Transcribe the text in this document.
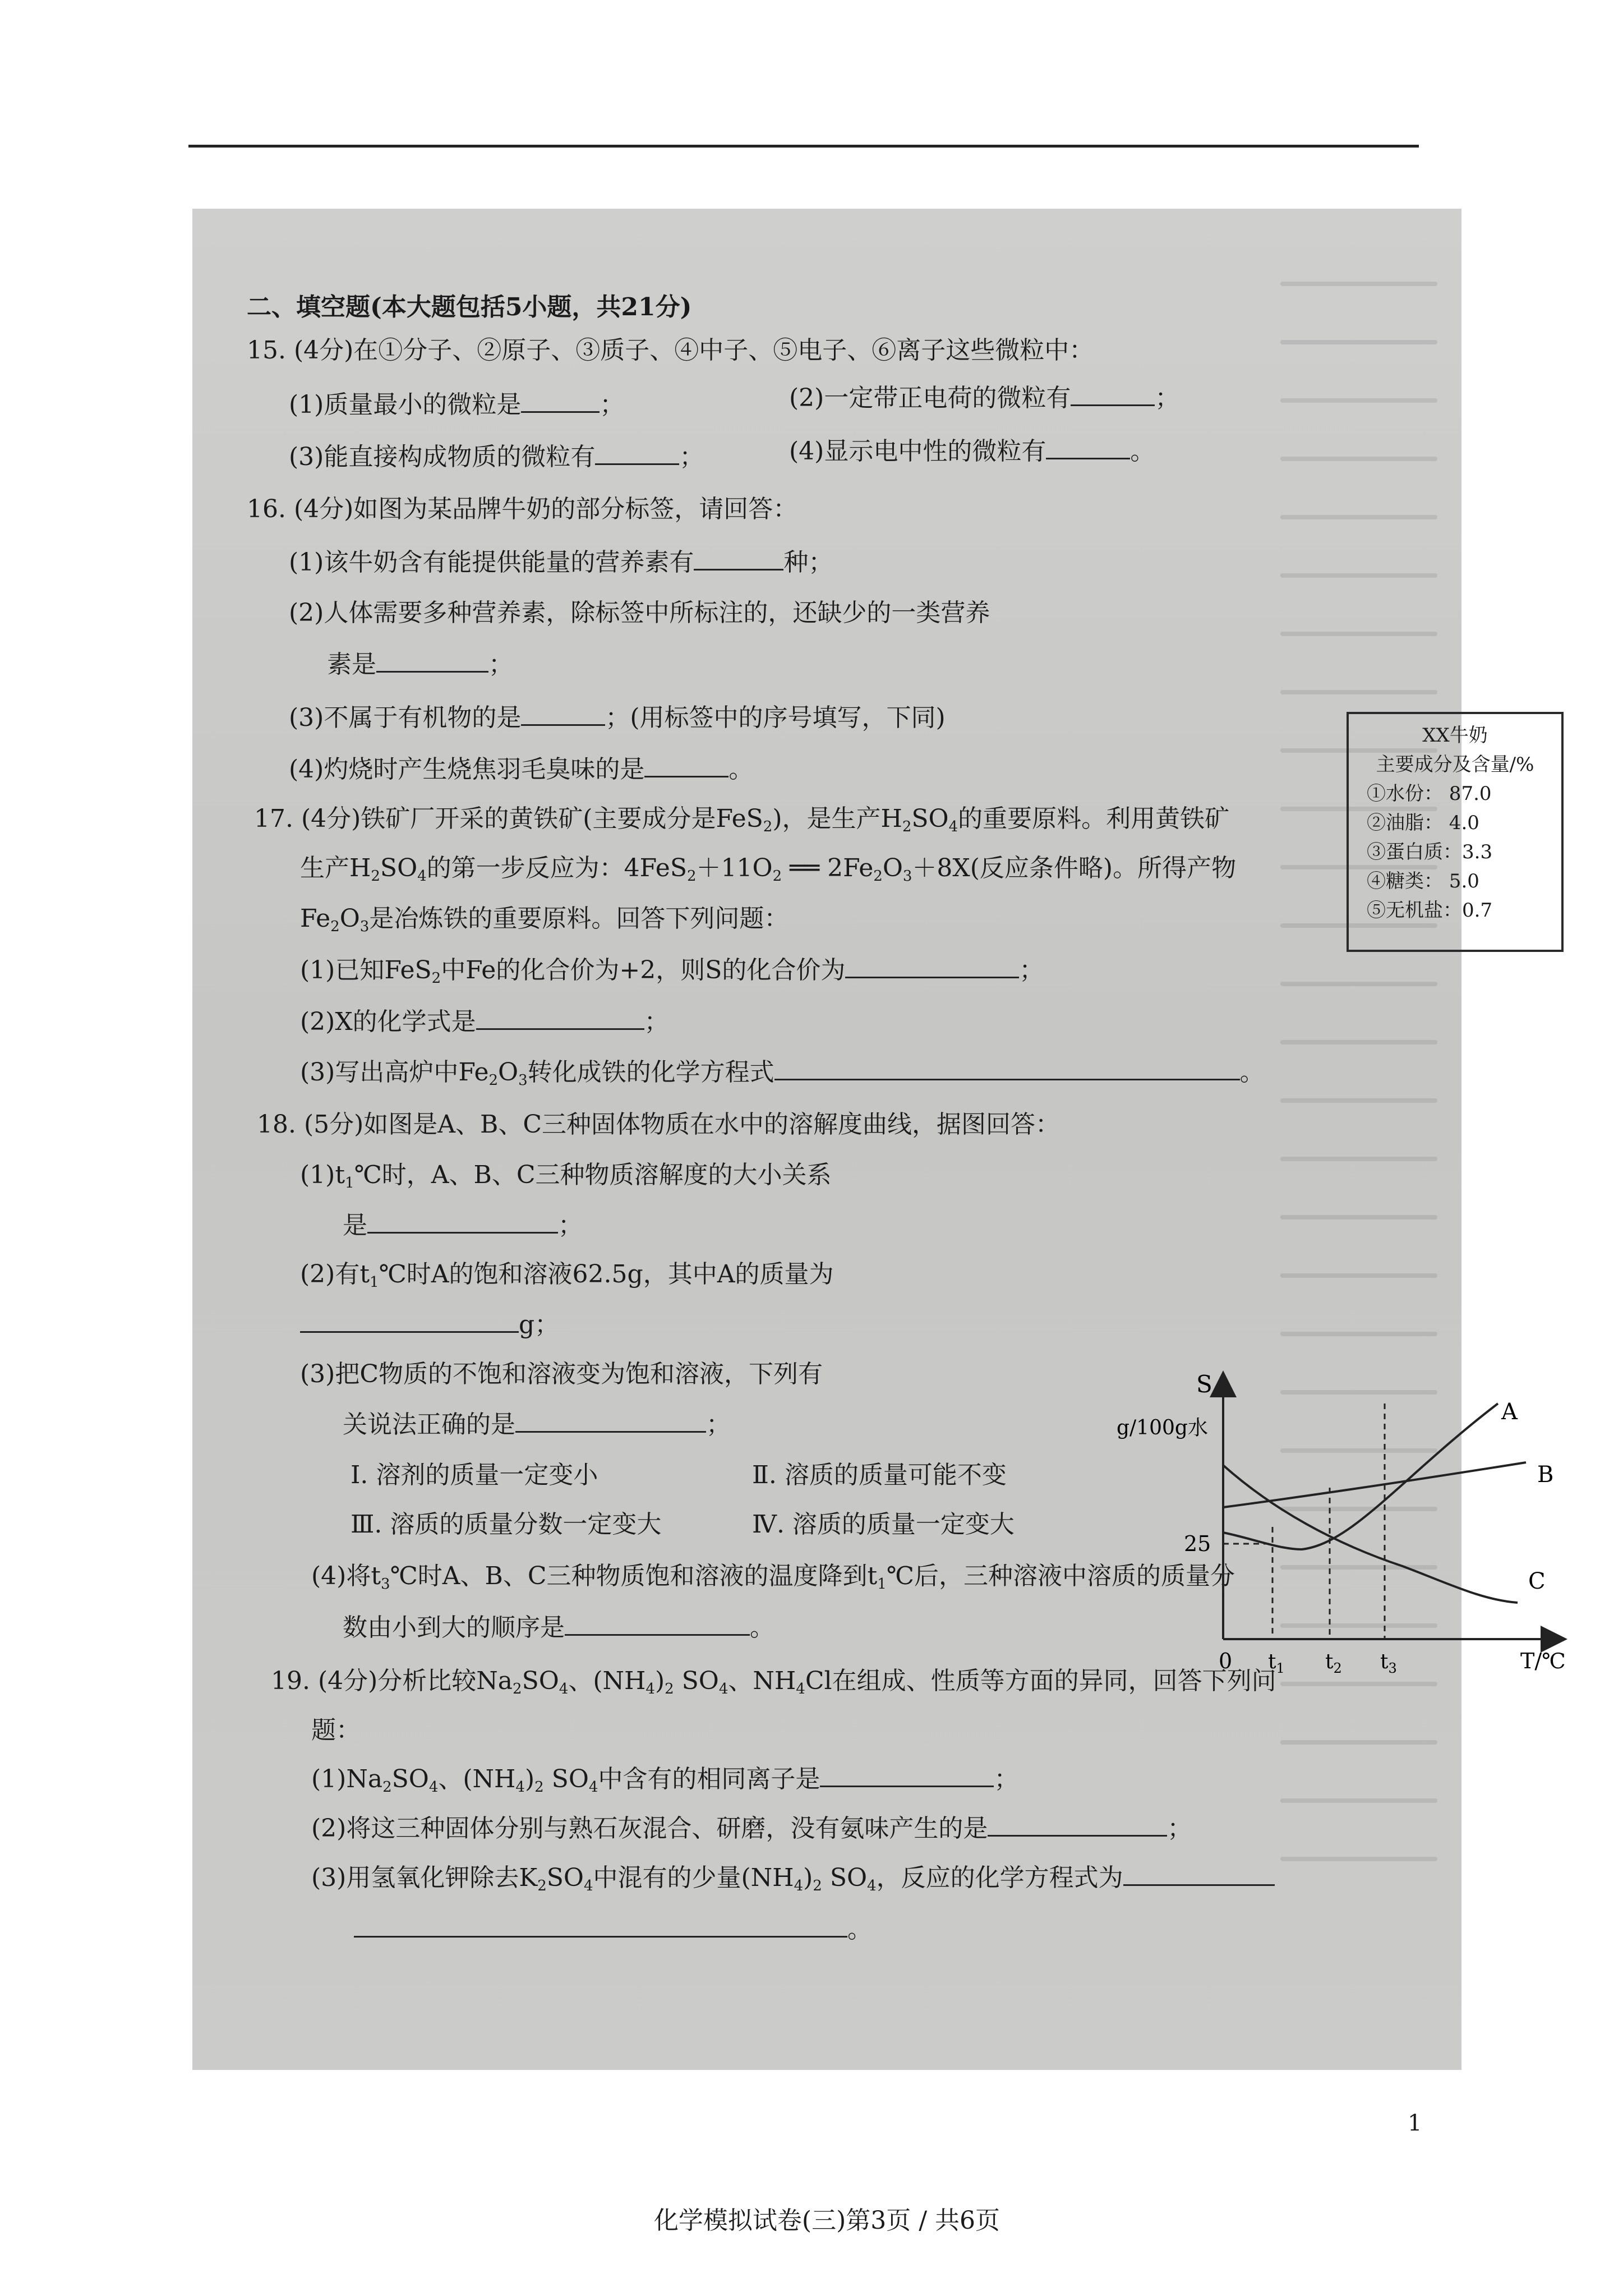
二、填空题(本大题包括5小题，共21分)
15. (4分)在①分子、②原子、③质子、④中子、⑤电子、⑥离子这些微粒中：
(1)质量最小的微粒是	；	(2)一定带正电荷的微粒有	；
(3)能直接构成物质的微粒有	；	(4)显示电中性的微粒有	。
16. (4分)如图为某品牌牛奶的部分标签，请回答：
(1)该牛奶含有能提供能量的营养素有	种；
(2)人体需要多种营养素，除标签中所标注的，还缺少的一类营养
素是	；
(3)不属于有机物的是	；(用标签中的序号填写，下同)
(4)灼烧时产生烧焦羽毛臭味的是	。
17. (4分)铁矿厂开采的黄铁矿(主要成分是FeS$_2$)，是生产$H_2SO_4$的重要原料。利用黄铁矿
生产$H_2SO_4$的第一步反应为：$4FeS_2+11O_2$ ══ $2Fe_2O_3+8X$(反应条件略)。所得产物
$Fe_2O_3$是冶炼铁的重要原料。回答下列问题：
(1)已知FeS$_2$中Fe的化合价为+2，则S的化合价为	；
(2)X的化学式是	；
(3)写出高炉中$Fe_2O_3$转化成铁的化学方程式	。
18. (5分)如图是A、B、C三种固体物质在水中的溶解度曲线，据图回答：
$(1)t_1℃$时，A、B、C三种物质溶解度的大小关系
是	；
(2)有$t_1℃$时A的饱和溶液62.5g，其中A的质量为
g；
(3)把C物质的不饱和溶液变为饱和溶液，下列有
关说法正确的是	；
Ⅰ. 溶剂的质量一定变小	Ⅱ. 溶质的质量可能不变
Ⅲ. 溶质的质量分数一定变大	Ⅳ. 溶质的质量一定变大
(4)将$t_3℃$时A、B、C三种物质饱和溶液的温度降到$t_1℃$后，三种溶液中溶质的质量分
数由小到大的顺序是	。
19. (4分)分析比较$Na_2SO_4$、$(NH_4)_2$ $SO_4$、$NH_4Cl$在组成、性质等方面的异同，回答下列问
题：
$(1)Na_2SO_4$、$(NH_4)_2$ $SO_4$中含有的相同离子是	；
(2)将这三种固体分别与熟石灰混合、研磨，没有氨味产生的是	；
(3)用氢氧化钾除去$K_2SO_4$中混有的少量$(NH_4)_2$ $SO_4$，反应的化学方程式为
。
XX牛奶
主要成分及含量/%
①水份： 87.0
②油脂： 4.0
③蛋白质：3.3
④糖类： 5.0
⑤无机盐：0.7
S
g/100g水
25
0	T/℃
$t_1$ $t_2$ $t_3$
A
B
C
化学模拟试卷(三)第3页 / 共6页
1
